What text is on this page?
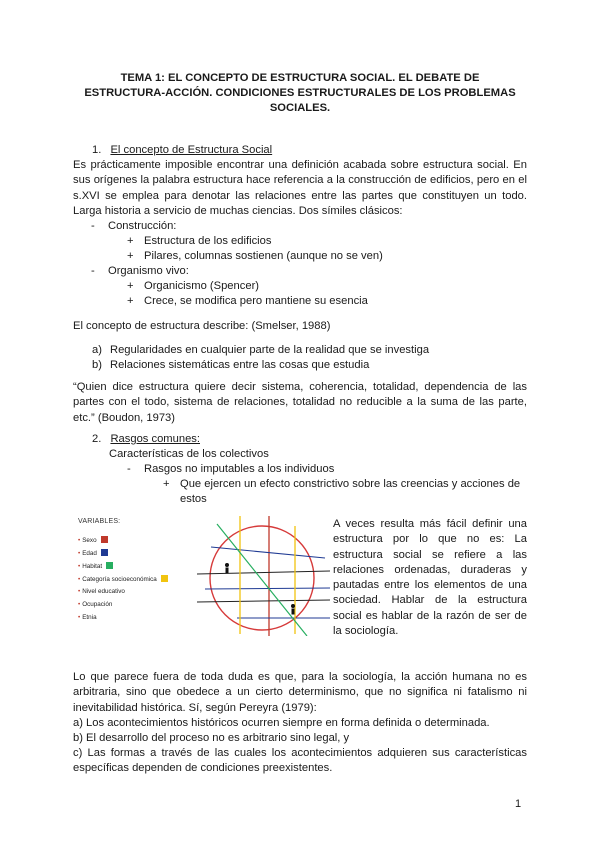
TEMA 1: EL CONCEPTO DE ESTRUCTURA SOCIAL. EL DEBATE DE
ESTRUCTURA-ACCIÓN. CONDICIONES ESTRUCTURALES DE LOS PROBLEMAS
SOCIALES.
1. El concepto de Estructura Social
Es prácticamente imposible encontrar una definición acabada sobre estructura social. En sus orígenes la palabra estructura hace referencia a la construcción de edificios, pero en el s.XVI se emplea para denotar las relaciones entre las partes que constituyen un todo. Larga historia a servicio de muchas ciencias. Dos símiles clásicos:
- Construcción:
+ Estructura de los edificios
+ Pilares, columnas sostienen (aunque no se ven)
- Organismo vivo:
+ Organicismo (Spencer)
+ Crece, se modifica pero mantiene su esencia
El concepto de estructura describe: (Smelser, 1988)
a) Regularidades en cualquier parte de la realidad que se investiga
b) Relaciones sistemáticas entre las cosas que estudia
“Quien dice estructura quiere decir sistema, coherencia, totalidad, dependencia de las partes con el todo, sistema de relaciones, totalidad no reducible a la suma de las parte, etc.” (Boudon, 1973)
2. Rasgos comunes:
Características de los colectivos
- Rasgos no imputables a los individuos
+ Que ejercen un efecto constrictivo sobre las creencias y acciones de
estos
VARIABLES:
• Sexo
• Edad
• Habitat
• Categoría socioeconómica
• Nivel educativo
• Ocupación
• Etnia
A veces resulta más fácil definir una estructura por lo que no es: La estructura social se refiere a las relaciones ordenadas, duraderas y pautadas entre los elementos de una sociedad. Hablar de la estructura social es hablar de la razón de ser de la sociología.
Lo que parece fuera de toda duda es que, para la sociología, la acción humana no es arbitraria, sino que obedece a un cierto determinismo, que no significa ni fatalismo ni inevitabilidad histórica. Sí, según Pereyra (1979):
a) Los acontecimientos históricos ocurren siempre en forma definida o determinada.
b) El desarrollo del proceso no es arbitrario sino legal, y
c) Las formas a través de las cuales los acontecimientos adquieren sus características específicas dependen de condiciones preexistentes.
1
